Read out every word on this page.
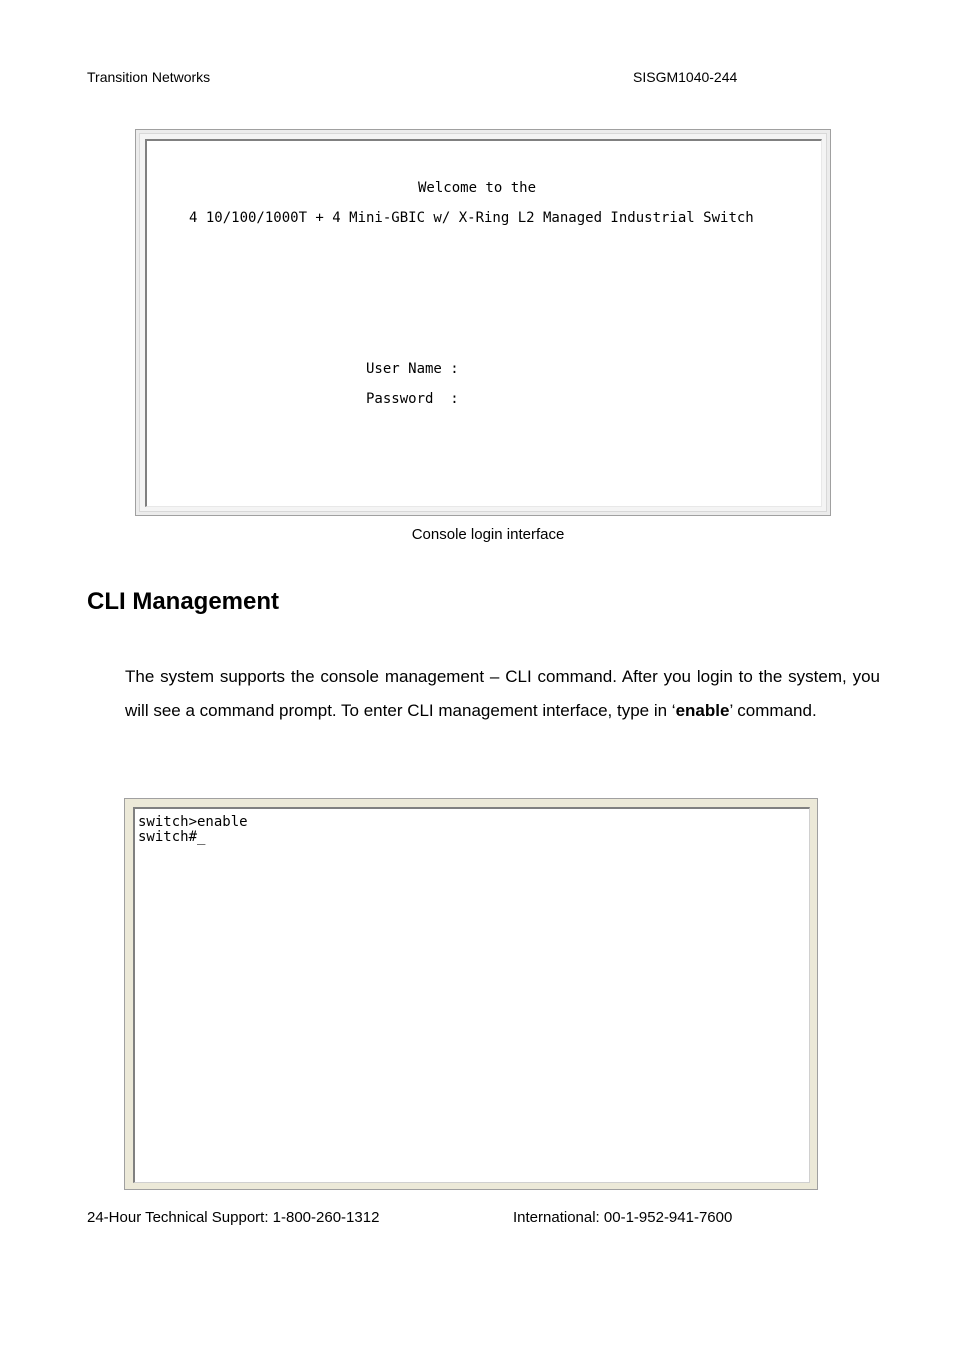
Transition Networks	SISGM1040-244
Welcome to the
4 10/100/1000T + 4 Mini-GBIC w/ X-Ring L2 Managed Industrial Switch
User Name :
Password  :
Console login interface
CLI Management
The system supports the console management – CLI command. After you login to the system, you will see a command prompt. To enter CLI management interface, type in ‘enable’ command.
switch>enable
switch#_
24-Hour Technical Support: 1-800-260-1312	International: 00-1-952-941-7600
